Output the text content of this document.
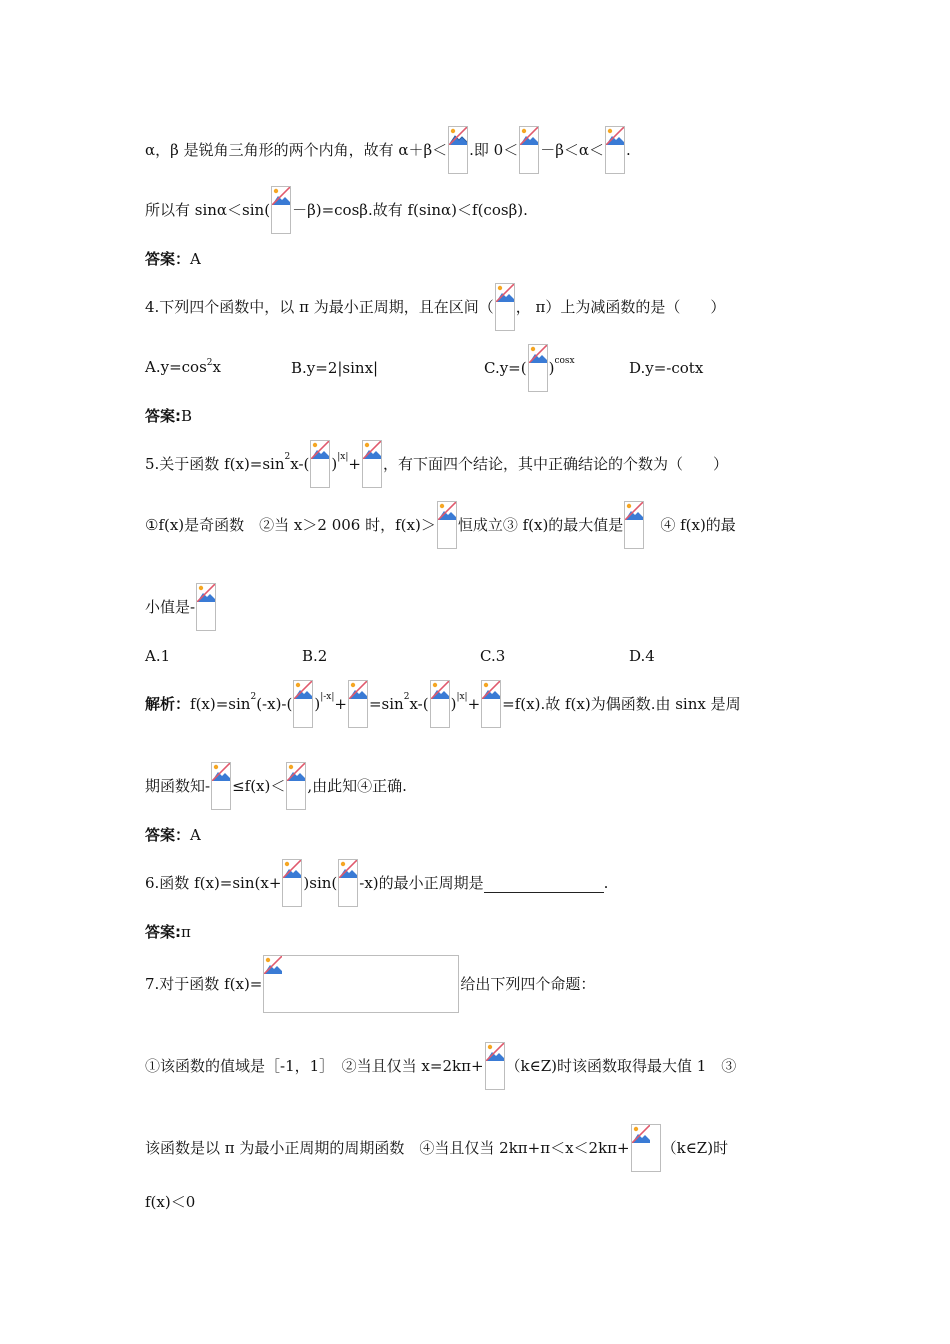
α，β 是锐角三角形的两个内角，故有 α＋β＜ .即 0＜ －β＜α＜ .
所以有 sinα＜sin( －β)=cosβ.故有 f(sinα)＜f(cosβ).
答案： A
4.下列四个函数中，以 π 为最小正周期，且在区间（ ， π）上为减函数的是（　　）
$A.y=\cos^2x$	B.y=2|sinx|	C.y=( ) cosx	D.y=-cotx
答案: B
5.关于函数 f(x)=sin 2 x-( ) |x| + ，有下面四个结论，其中正确结论的个数为（　　）
①f(x)是奇函数　②当 x＞2 006 时，f(x)＞ 恒成立③ f(x)的最大值是 　④ f(x)的最
小值是-
A.1	B.2	C.3	D.4
解析： f(x)=sin 2 (-x)-( ) |-x| + =sin 2 x-( ) |x| + =f(x).故 f(x)为偶函数.由 sinx 是周
期函数知- ≤f(x)＜ ,由此知④正确.
答案： A
6.函数 f(x)=sin(x+ )sin( -x)的最小正周期是	.
答案: π
7.对于函数 f(x)=	给出下列四个命题：
①该函数的值域是［-1，1］　②当且仅当 x=2kπ+ （k∈Z)时该函数取得最大值 1　③
该函数是以 π 为最小正周期的周期函数　④当且仅当 2kπ+π＜x＜2kπ+ （k∈Z)时
f(x)＜0
